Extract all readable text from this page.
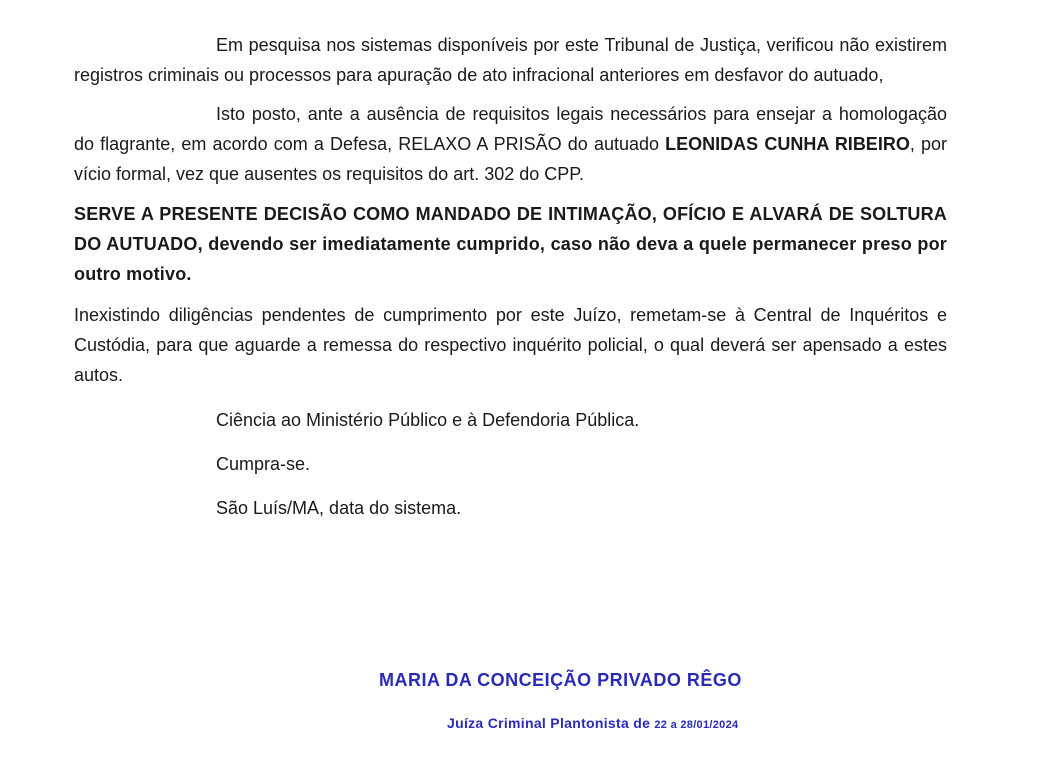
Em pesquisa nos sistemas disponíveis por este Tribunal de Justiça, verificou não existirem registros criminais ou processos para apuração de ato infracional anteriores em desfavor do autuado,

Isto posto, ante a ausência de requisitos legais necessários para ensejar a homologação do flagrante, em acordo com a Defesa, RELAXO A PRISÃO do autuado LEONIDAS CUNHA RIBEIRO, por vício formal, vez que ausentes os requisitos do art. 302 do CPP.

SERVE A PRESENTE DECISÃO COMO MANDADO DE INTIMAÇÃO, OFÍCIO E ALVARÁ DE SOLTURA DO AUTUADO, devendo ser imediatamente cumprido, caso não deva a quele permanecer preso por outro motivo.

Inexistindo diligências pendentes de cumprimento por este Juízo, remetam-se à Central de Inquéritos e Custódia, para que aguarde a remessa do respectivo inquérito policial, o qual deverá ser apensado a estes autos.

Ciência ao Ministério Público e à Defendoria Pública.

Cumpra-se.

São Luís/MA, data do sistema.

MARIA DA CONCEIÇÃO PRIVADO RÊGO
Juíza Criminal Plantonista de 22 a 28/01/2024
